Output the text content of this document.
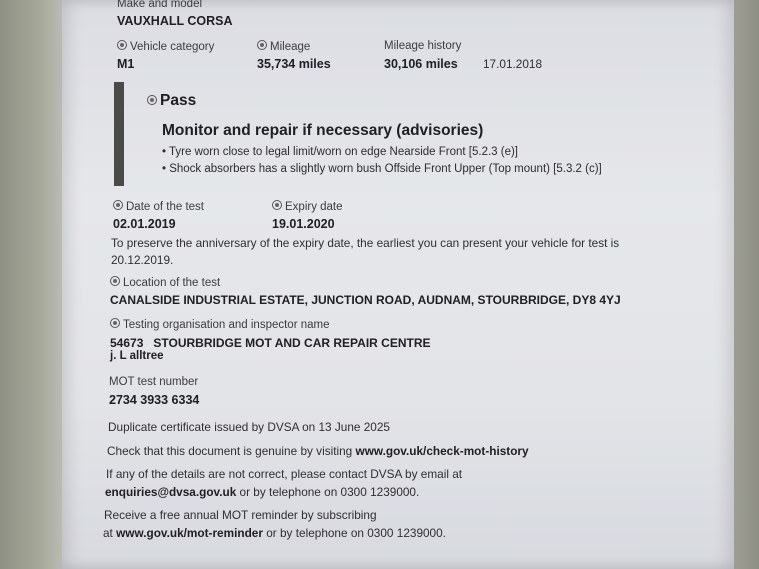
Make and model
VAUXHALL CORSA
Vehicle category
M1
Mileage
35,734 miles
Mileage history
30,106 miles 17.01.2018
Pass
Monitor and repair if necessary (advisories)
• Tyre worn close to legal limit/worn on edge Nearside Front [5.2.3 (e)]
• Shock absorbers has a slightly worn bush Offside Front Upper (Top mount) [5.3.2 (c)]
Date of the test
02.01.2019
Expiry date
19.01.2020
To preserve the anniversary of the expiry date, the earliest you can present your vehicle for test is
20.12.2019.
Location of the test
CANALSIDE INDUSTRIAL ESTATE, JUNCTION ROAD, AUDNAM, STOURBRIDGE, DY8 4YJ
Testing organisation and inspector name
54673   STOURBRIDGE MOT AND CAR REPAIR CENTRE
j. L alltree
MOT test number
2734 3933 6334
Duplicate certificate issued by DVSA on 13 June 2025
Check that this document is genuine by visiting www.gov.uk/check-mot-history
If any of the details are not correct, please contact DVSA by email at
enquiries@dvsa.gov.uk or by telephone on 0300 1239000.
Receive a free annual MOT reminder by subscribing
at www.gov.uk/mot-reminder or by telephone on 0300 1239000.
